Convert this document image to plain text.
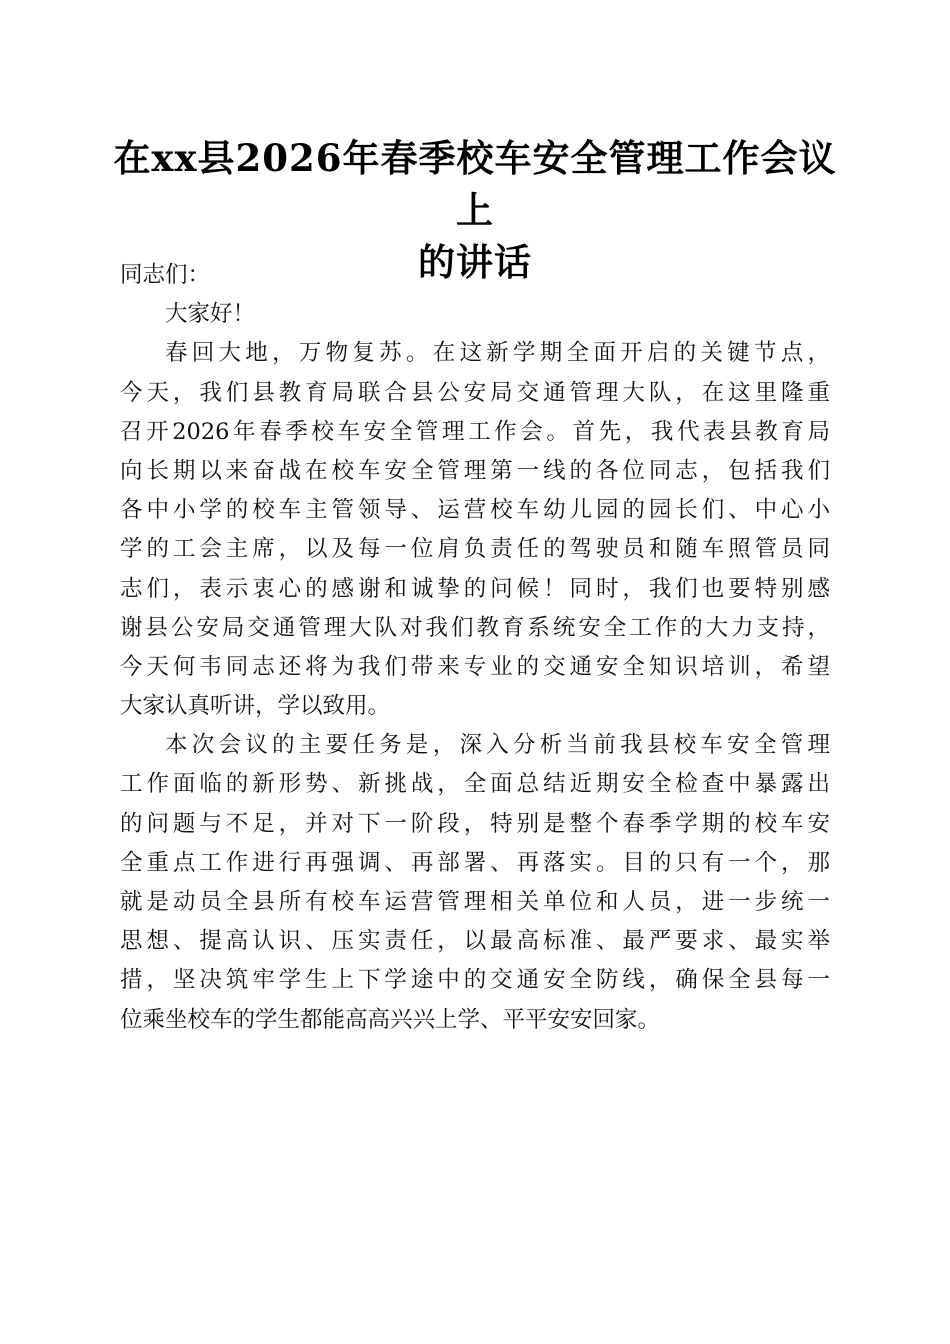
在xx县2026年春季校车安全管理工作会议上
的讲话

同志们：

大家好！

春回大地，万物复苏。在这新学期全面开启的关键节点，
今天，我们县教育局联合县公安局交通管理大队，在这里隆重
召开2026年春季校车安全管理工作会。首先，我代表县教育局
向长期以来奋战在校车安全管理第一线的各位同志，包括我们
各中小学的校车主管领导、运营校车幼儿园的园长们、中心小
学的工会主席，以及每一位肩负责任的驾驶员和随车照管员同
志们，表示衷心的感谢和诚挚的问候！同时，我们也要特别感
谢县公安局交通管理大队对我们教育系统安全工作的大力支持，
今天何韦同志还将为我们带来专业的交通安全知识培训，希望
大家认真听讲，学以致用。

本次会议的主要任务是，深入分析当前我县校车安全管理
工作面临的新形势、新挑战，全面总结近期安全检查中暴露出
的问题与不足，并对下一阶段，特别是整个春季学期的校车安
全重点工作进行再强调、再部署、再落实。目的只有一个，那
就是动员全县所有校车运营管理相关单位和人员，进一步统一
思想、提高认识、压实责任，以最高标准、最严要求、最实举
措，坚决筑牢学生上下学途中的交通安全防线，确保全县每一
位乘坐校车的学生都能高高兴兴上学、平平安安回家。
